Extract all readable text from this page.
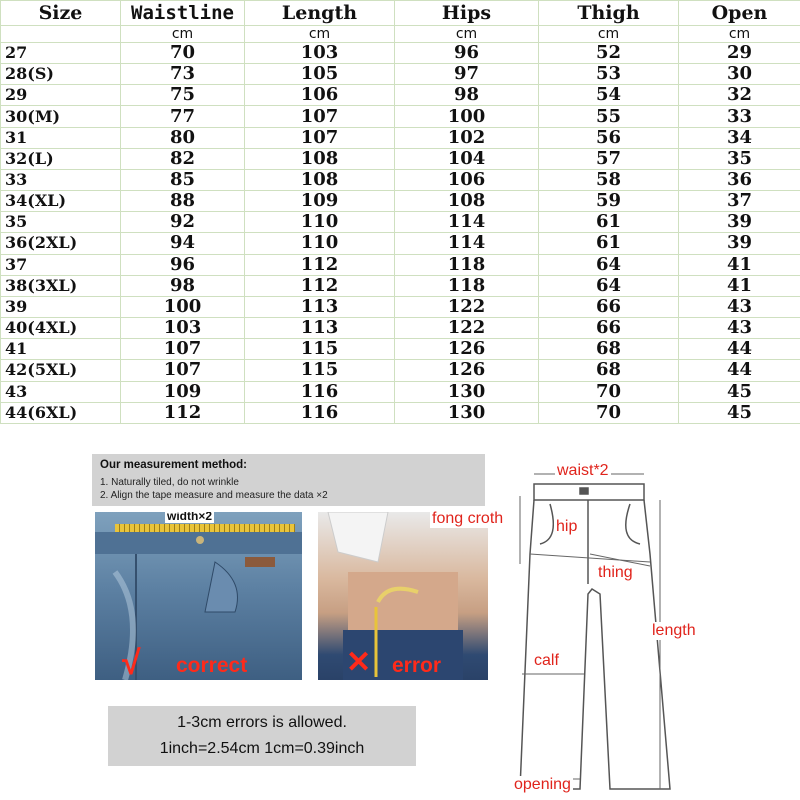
Size	Waistline	Length	Hips	Thigh	Open
	cm	cm	cm	cm	cm
27	70	103	96	52	29
28(S)	73	105	97	53	30
29	75	106	98	54	32
30(M)	77	107	100	55	33
31	80	107	102	56	34
32(L)	82	108	104	57	35
33	85	108	106	58	36
34(XL)	88	109	108	59	37
35	92	110	114	61	39
36(2XL)	94	110	114	61	39
37	96	112	118	64	41
38(3XL)	98	112	118	64	41
39	100	113	122	66	43
40(4XL)	103	113	122	66	43
41	107	115	126	68	44
42(5XL)	107	115	126	68	44
43	109	116	130	70	45
44(6XL)	112	116	130	70	45
Our measurement method:
1. Naturally tiled, do not wrinkle
2. Align the tape measure and measure the data ×2
width×2
√ correct	✕ error
1-3cm errors is allowed.
1inch=2.54cm 1cm=0.39inch
waist*2
fong croth	hip
thing
length
calf
opening
